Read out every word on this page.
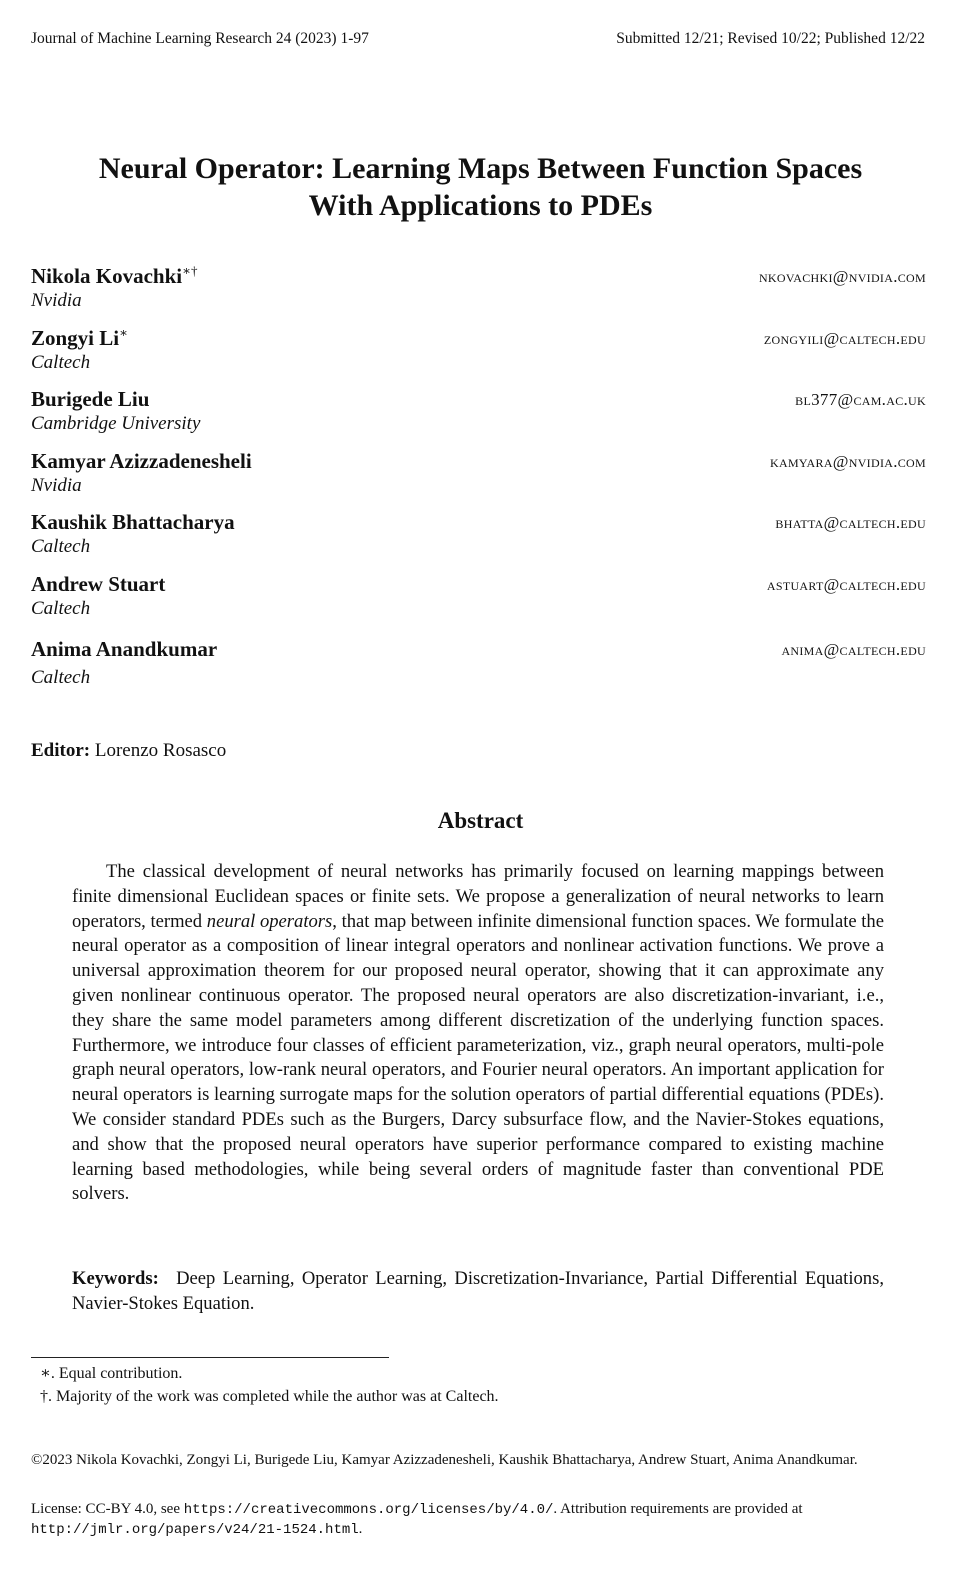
Journal of Machine Learning Research 24 (2023) 1-97	Submitted 12/21; Revised 10/22; Published 12/22
Neural Operator: Learning Maps Between Function Spaces
With Applications to PDEs
Nikola Kovachki∗†
Nvidia
nkovachki@nvidia.com
Zongyi Li∗
Caltech
zongyili@caltech.edu
Burigede Liu
Cambridge University
bl377@cam.ac.uk
Kamyar Azizzadenesheli
Nvidia
kamyara@nvidia.com
Kaushik Bhattacharya
Caltech
bhatta@caltech.edu
Andrew Stuart
Caltech
astuart@caltech.edu
Anima Anandkumar
Caltech
anima@caltech.edu
Editor: Lorenzo Rosasco
Abstract
The classical development of neural networks has primarily focused on learning mappings between finite dimensional Euclidean spaces or finite sets. We propose a generalization of neural networks to learn operators, termed neural operators, that map between infinite dimensional function spaces. We formulate the neural operator as a composition of linear integral operators and nonlinear activation functions. We prove a universal approximation theorem for our proposed neural operator, showing that it can approximate any given nonlinear continuous operator. The proposed neural operators are also discretization-invariant, i.e., they share the same model parameters among different discretization of the underlying function spaces. Furthermore, we introduce four classes of efficient parameterization, viz., graph neural operators, multi-pole graph neural operators, low-rank neural operators, and Fourier neural operators. An important application for neural operators is learning surrogate maps for the solution operators of partial differential equations (PDEs). We consider standard PDEs such as the Burgers, Darcy subsurface flow, and the Navier-Stokes equations, and show that the proposed neural operators have superior performance compared to existing machine learning based methodologies, while being several orders of magnitude faster than conventional PDE solvers.
Keywords: Deep Learning, Operator Learning, Discretization-Invariance, Partial Differential Equations, Navier-Stokes Equation.
∗. Equal contribution.
†. Majority of the work was completed while the author was at Caltech.
©2023 Nikola Kovachki, Zongyi Li, Burigede Liu, Kamyar Azizzadenesheli, Kaushik Bhattacharya, Andrew Stuart, Anima Anandkumar.
License: CC-BY 4.0, see https://creativecommons.org/licenses/by/4.0/. Attribution requirements are provided at http://jmlr.org/papers/v24/21-1524.html.
